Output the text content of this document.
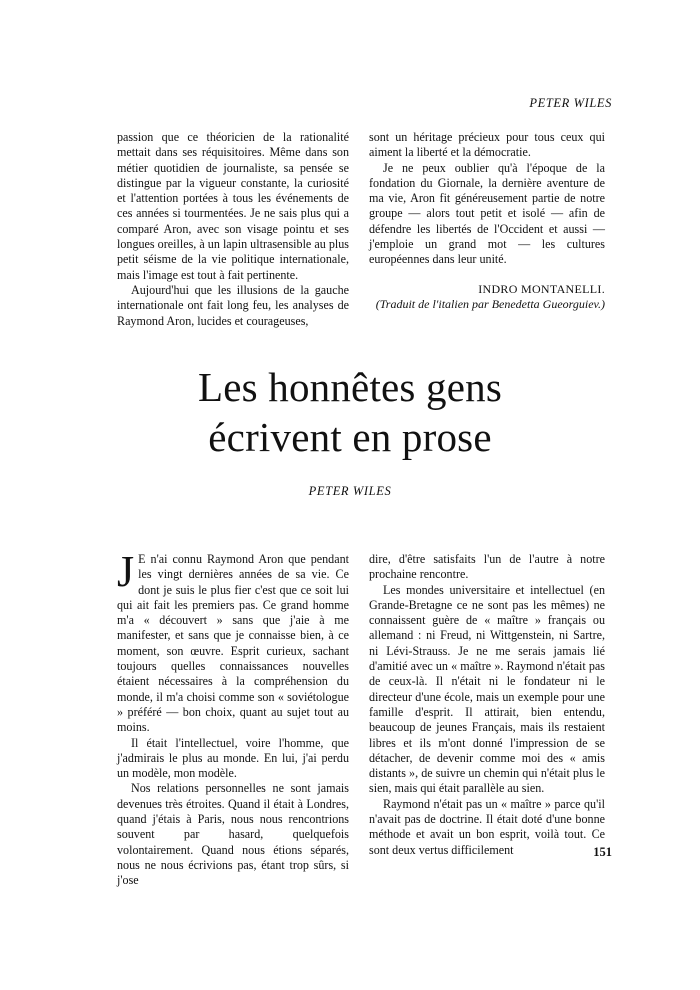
PETER WILES

passion que ce théoricien de la rationalité mettait dans ses réquisitoires. Même dans son métier quotidien de journaliste, sa pensée se distingue par la vigueur constante, la curiosité et l'attention portées à tous les événements de ces années si tourmentées. Je ne sais plus qui a comparé Aron, avec son visage pointu et ses longues oreilles, à un lapin ultrasensible au plus petit séisme de la vie politique internationale, mais l'image est tout à fait pertinente.

Aujourd'hui que les illusions de la gauche internationale ont fait long feu, les analyses de Raymond Aron, lucides et courageuses,

sont un héritage précieux pour tous ceux qui aiment la liberté et la démocratie.

Je ne peux oublier qu'à l'époque de la fondation du Giornale, la dernière aventure de ma vie, Aron fit généreusement partie de notre groupe — alors tout petit et isolé — afin de défendre les libertés de l'Occident et aussi — j'emploie un grand mot — les cultures européennes dans leur unité.

INDRO MONTANELLI.

(Traduit de l'italien par Benedetta Gueorguiev.)

Les honnêtes gens
écrivent en prose
PETER WILES

J E n'ai connu Raymond Aron que pendant les vingt dernières années de sa vie. Ce dont je suis le plus fier c'est que ce soit lui qui ait fait les premiers pas. Ce grand homme m'a « découvert » sans que j'aie à me manifester, et sans que je connaisse bien, à ce moment, son œuvre. Esprit curieux, sachant toujours quelles connaissances nouvelles étaient nécessaires à la compréhension du monde, il m'a choisi comme son « soviétologue » préféré — bon choix, quant au sujet tout au moins.

Il était l'intellectuel, voire l'homme, que j'admirais le plus au monde. En lui, j'ai perdu un modèle, mon modèle.

Nos relations personnelles ne sont jamais devenues très étroites. Quand il était à Londres, quand j'étais à Paris, nous nous rencontrions souvent par hasard, quelquefois volontairement. Quand nous étions séparés, nous ne nous écrivions pas, étant trop sûrs, si j'ose

dire, d'être satisfaits l'un de l'autre à notre prochaine rencontre.

Les mondes universitaire et intellectuel (en Grande-Bretagne ce ne sont pas les mêmes) ne connaissent guère de « maître » français ou allemand : ni Freud, ni Wittgenstein, ni Sartre, ni Lévi-Strauss. Je ne me serais jamais lié d'amitié avec un « maître ». Raymond n'était pas de ceux-là. Il n'était ni le fondateur ni le directeur d'une école, mais un exemple pour une famille d'esprit. Il attirait, bien entendu, beaucoup de jeunes Français, mais ils restaient libres et ils m'ont donné l'impression de se détacher, de devenir comme moi des « amis distants », de suivre un chemin qui n'était plus le sien, mais qui était parallèle au sien.

Raymond n'était pas un « maître » parce qu'il n'avait pas de doctrine. Il était doté d'une bonne méthode et avait un bon esprit, voilà tout. Ce sont deux vertus difficilement	151
